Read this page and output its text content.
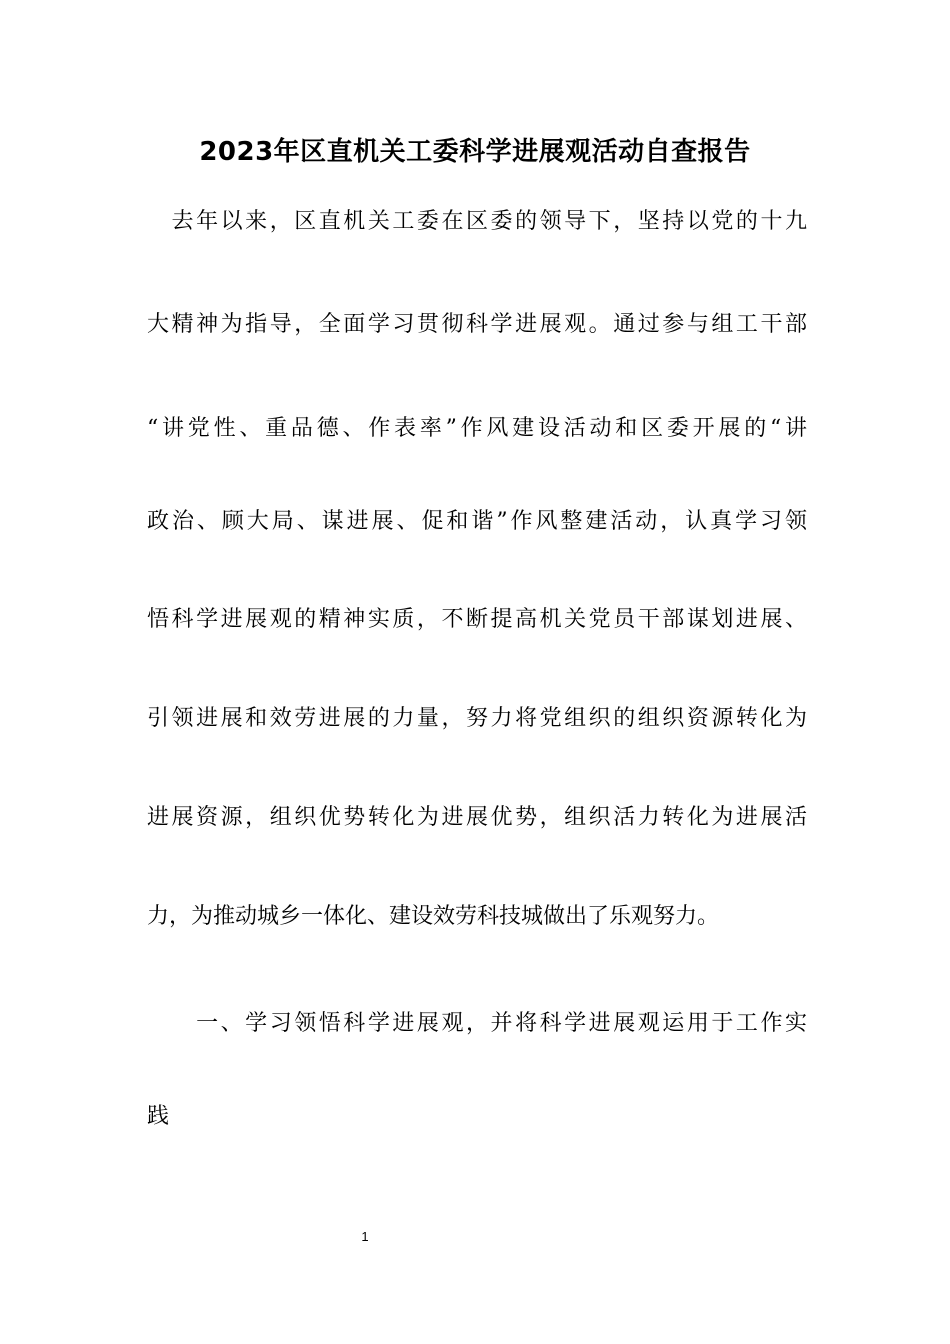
2023年区直机关工委科学进展观活动自查报告

　去年以来，区直机关工委在区委的领导下，坚持以党的十九

大精神为指导，全面学习贯彻科学进展观。通过参与组工干部

“讲党性、重品德、作表率”作风建设活动和区委开展的“讲

政治、顾大局、谋进展、促和谐”作风整建活动，认真学习领

悟科学进展观的精神实质，不断提高机关党员干部谋划进展、

引领进展和效劳进展的力量，努力将党组织的组织资源转化为

进展资源，组织优势转化为进展优势，组织活力转化为进展活

力，为推动城乡一体化、建设效劳科技城做出了乐观努力。

　　一、学习领悟科学进展观，并将科学进展观运用于工作实

践

1
